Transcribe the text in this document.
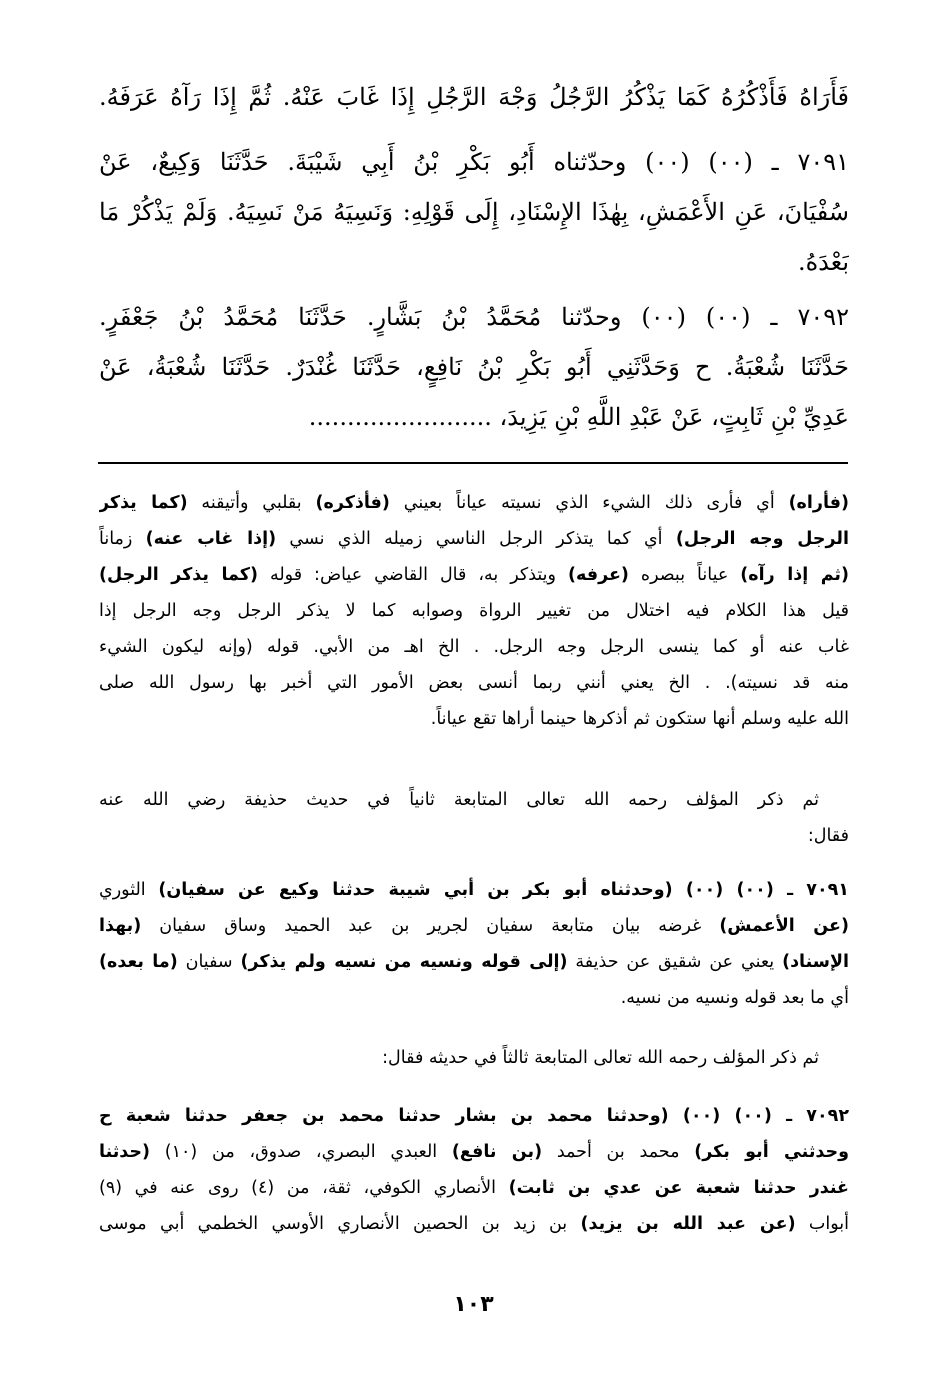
فَأَرَاهُ فَأَذْكُرُهُ كَمَا يَذْكُرُ الرَّجُلُ وَجْهَ الرَّجُلِ إِذَا غَابَ عَنْهُ. ثُمَّ إِذَا رَآهُ عَرَفَهُ.
٧٠٩١ ـ (٠٠) (٠٠) وحدّثناه أَبُو بَكْرِ بْنُ أَبِي شَيْبَةَ. حَدَّثَنَا وَكِيعٌ، عَنْ
سُفْيَانَ، عَنِ الأَعْمَشِ، بِهٰذَا الإِسْنَادِ، إِلَى قَوْلِهِ: وَنَسِيَهُ مَنْ نَسِيَهُ. وَلَمْ يَذْكُرْ مَا
بَعْدَهُ.
٧٠٩٢ ـ (٠٠) (٠٠) وحدّثنا مُحَمَّدُ بْنُ بَشَّارٍ. حَدَّثَنَا مُحَمَّدُ بْنُ جَعْفَرٍ.
حَدَّثَنَا شُعْبَةُ. ح وَحَدَّثَنِي أَبُو بَكْرِ بْنُ نَافِعٍ، حَدَّثَنَا غُنْدَرٌ. حَدَّثَنَا شُعْبَةُ، عَنْ
عَدِيِّ بْنِ ثَابِتٍ، عَنْ عَبْدِ اللَّهِ بْنِ يَزِيدَ، ........................
(فأراه) أي فأرى ذلك الشيء الذي نسيته عياناً بعيني (فأذكره) بقلبي وأتيقنه (كما يذكر
الرجل وجه الرجل) أي كما يتذكر الرجل الناسي زميله الذي نسي (إذا غاب عنه) زماناً
(ثم إذا رآه) عياناً ببصره (عرفه) ويتذكر به، قال القاضي عياض: قوله (كما يذكر الرجل)
قيل هذا الكلام فيه اختلال من تغيير الرواة وصوابه كما لا يذكر الرجل وجه الرجل إذا
غاب عنه أو كما ينسى الرجل وجه الرجل. . الخ اهـ من الأبي. قوله (وإنه ليكون الشيء
منه قد نسيته). . الخ يعني أنني ربما أنسى بعض الأمور التي أخبر بها رسول الله صلى
الله عليه وسلم أنها ستكون ثم أذكرها حينما أراها تقع عياناً.
ثم ذكر المؤلف رحمه الله تعالى المتابعة ثانياً في حديث حذيفة رضي الله عنه
فقال:
٧٠٩١ ـ (٠٠) (٠٠) (وحدثناه أبو بكر بن أبي شيبة حدثنا وكيع عن سفيان) الثوري
(عن الأعمش) غرضه بيان متابعة سفيان لجرير بن عبد الحميد وساق سفيان (بهذا
الإسناد) يعني عن شقيق عن حذيفة (إلى قوله ونسيه من نسيه ولم يذكر) سفيان (ما بعده)
أي ما بعد قوله ونسيه من نسيه.
ثم ذكر المؤلف رحمه الله تعالى المتابعة ثالثاً في حديثه فقال:
٧٠٩٢ ـ (٠٠) (٠٠) (وحدثنا محمد بن بشار حدثنا محمد بن جعفر حدثنا شعبة ح
وحدثني أبو بكر) محمد بن أحمد (بن نافع) العبدي البصري، صدوق، من (١٠) (حدثنا
غندر حدثنا شعبة عن عدي بن ثابت) الأنصاري الكوفي، ثقة، من (٤) روى عنه في (٩)
أبواب (عن عبد الله بن يزيد) بن زيد بن الحصين الأنصاري الأوسي الخطمي أبي موسى
١٠٣
